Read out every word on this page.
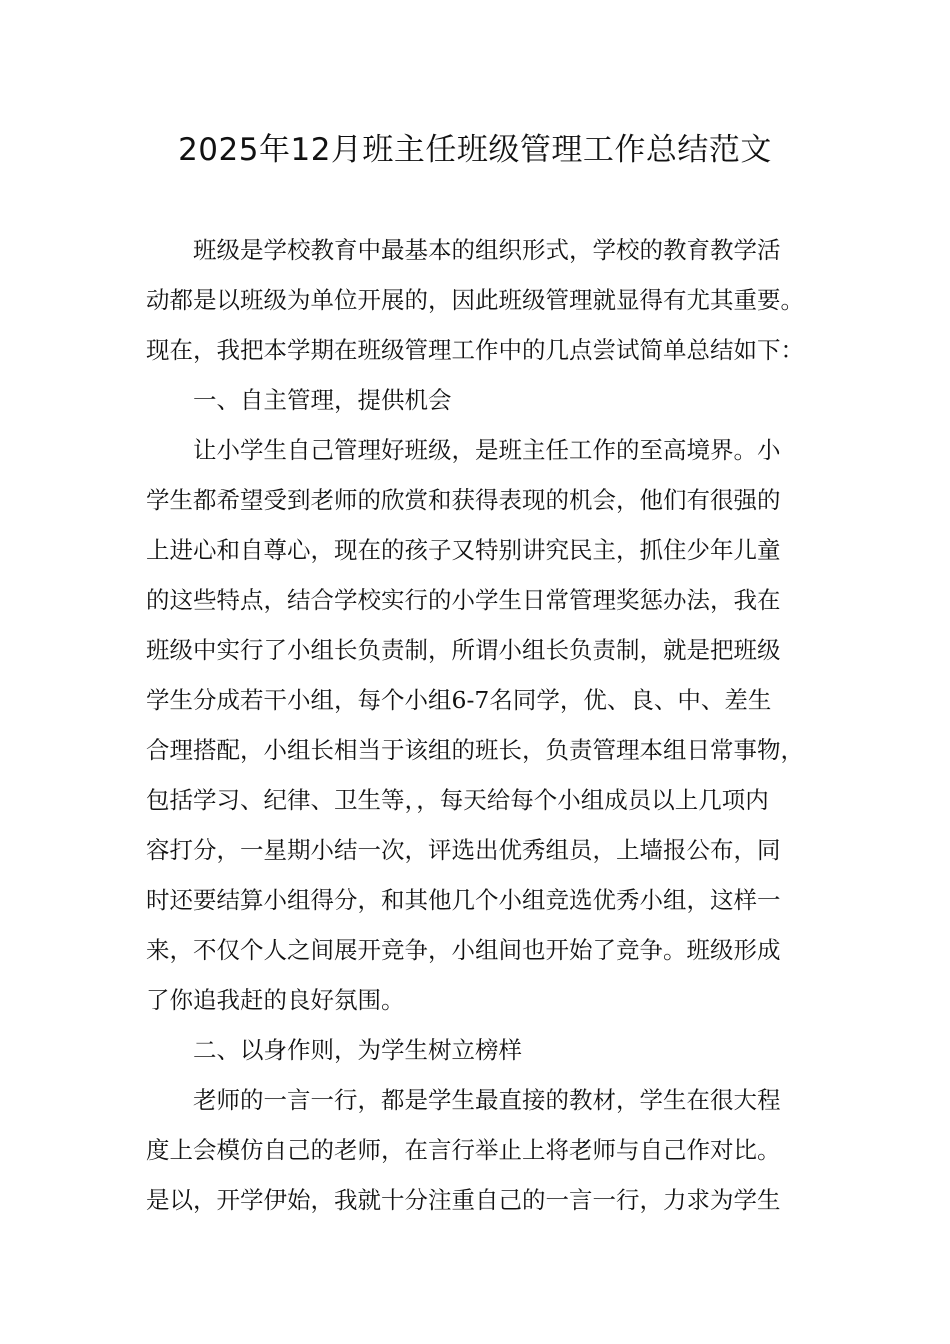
2025年12月班主任班级管理工作总结范文
班级是学校教育中最基本的组织形式，学校的教育教学活
动都是以班级为单位开展的，因此班级管理就显得有尤其重要。
现在，我把本学期在班级管理工作中的几点尝试简单总结如下：
一、自主管理，提供机会
让小学生自己管理好班级，是班主任工作的至高境界。小
学生都希望受到老师的欣赏和获得表现的机会，他们有很强的
上进心和自尊心，现在的孩子又特别讲究民主，抓住少年儿童
的这些特点，结合学校实行的小学生日常管理奖惩办法，我在
班级中实行了小组长负责制，所谓小组长负责制，就是把班级
学生分成若干小组，每个小组6-7名同学，优、良、中、差生
合理搭配，小组长相当于该组的班长，负责管理本组日常事物，
包括学习、纪律、卫生等，，每天给每个小组成员以上几项内
容打分，一星期小结一次，评选出优秀组员，上墙报公布，同
时还要结算小组得分，和其他几个小组竞选优秀小组，这样一
来，不仅个人之间展开竞争，小组间也开始了竞争。班级形成
了你追我赶的良好氛围。
二、以身作则，为学生树立榜样
老师的一言一行，都是学生最直接的教材，学生在很大程
度上会模仿自己的老师，在言行举止上将老师与自己作对比。
是以，开学伊始，我就十分注重自己的一言一行，力求为学生
